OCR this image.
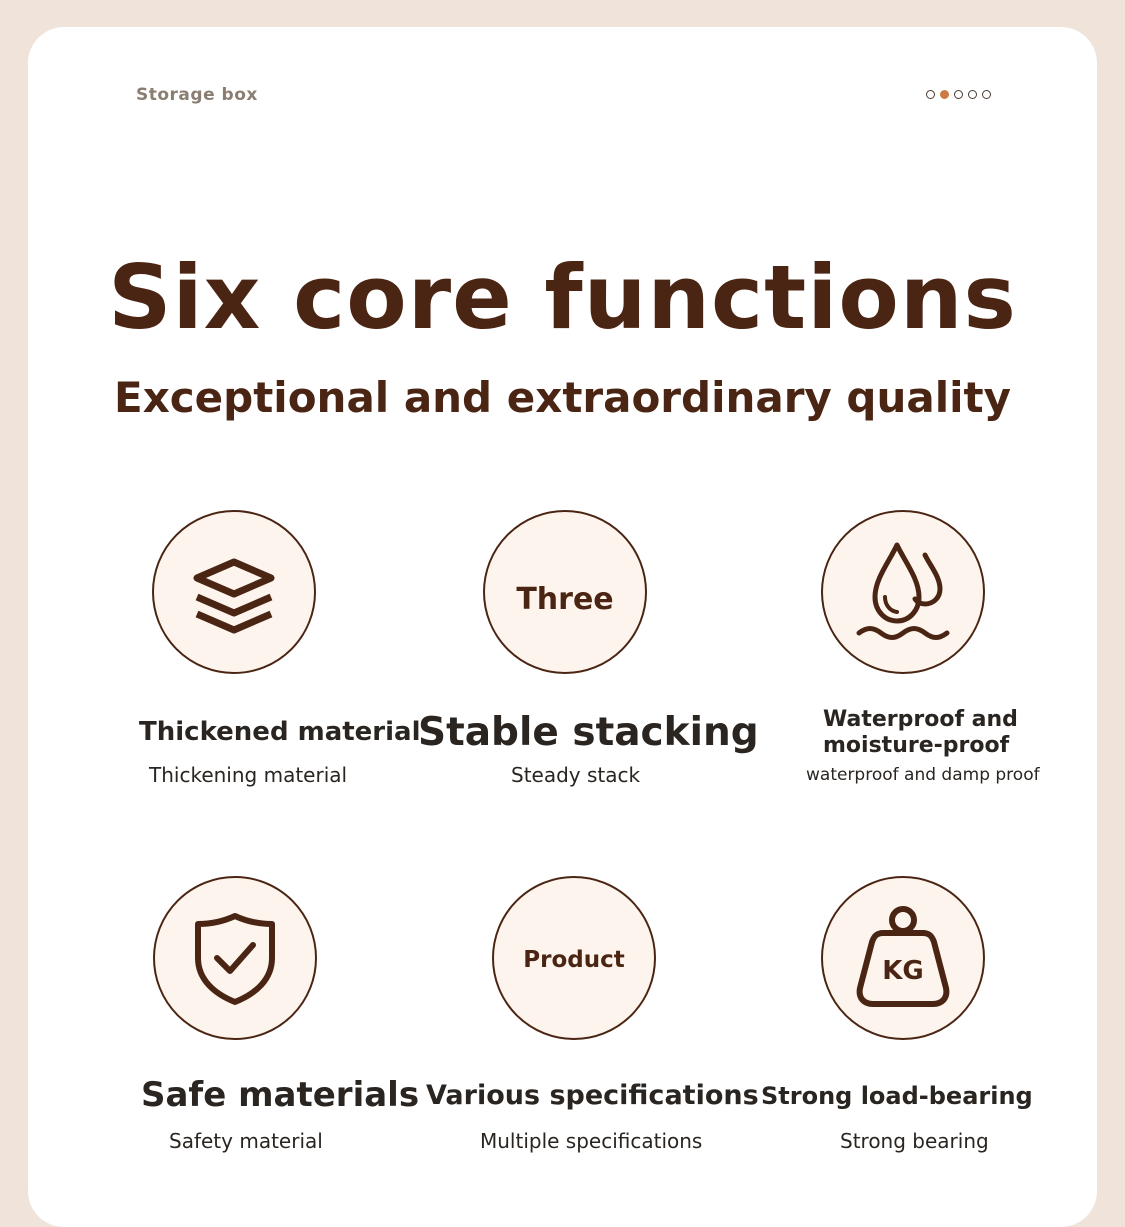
Storage box
Six core functions
Exceptional and extraordinary quality
Thickened material
Thickening material
Three
Stable stacking
Steady stack
Waterproof and
moisture-proof
waterproof and damp proof
Safe materials
Safety material
Product
Various specifications
Multiple specifications
KG
Strong load-bearing
Strong bearing
